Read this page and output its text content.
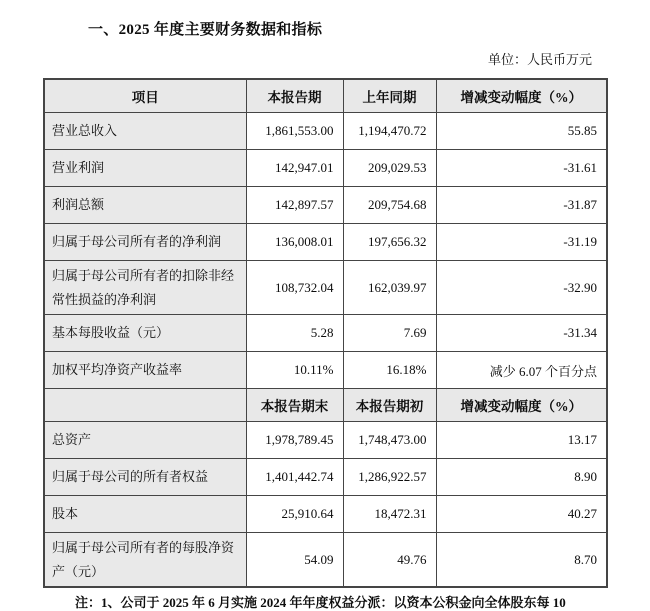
一、2025 年度主要财务数据和指标
单位：人民币万元
项目	本报告期	上年同期	增减变动幅度（%）
营业总收入	1,861,553.00	1,194,470.72	55.85
营业利润	142,947.01	209,029.53	-31.61
利润总额	142,897.57	209,754.68	-31.87
归属于母公司所有者的净利润	136,008.01	197,656.32	-31.19
归属于母公司所有者的扣除非经常性损益的净利润	108,732.04	162,039.97	-32.90
基本每股收益（元）	5.28	7.69	-31.34
加权平均净资产收益率	10.11%	16.18%	减少 6.07 个百分点
	本报告期末	本报告期初	增减变动幅度（%）
总资产	1,978,789.45	1,748,473.00	13.17
归属于母公司的所有者权益	1,401,442.74	1,286,922.57	8.90
股本	25,910.64	18,472.31	40.27
归属于母公司所有者的每股净资产（元）	54.09	49.76	8.70
注：1、公司于 2025 年 6 月实施 2024 年年度权益分派：以资本公积金向全体股东每 10
